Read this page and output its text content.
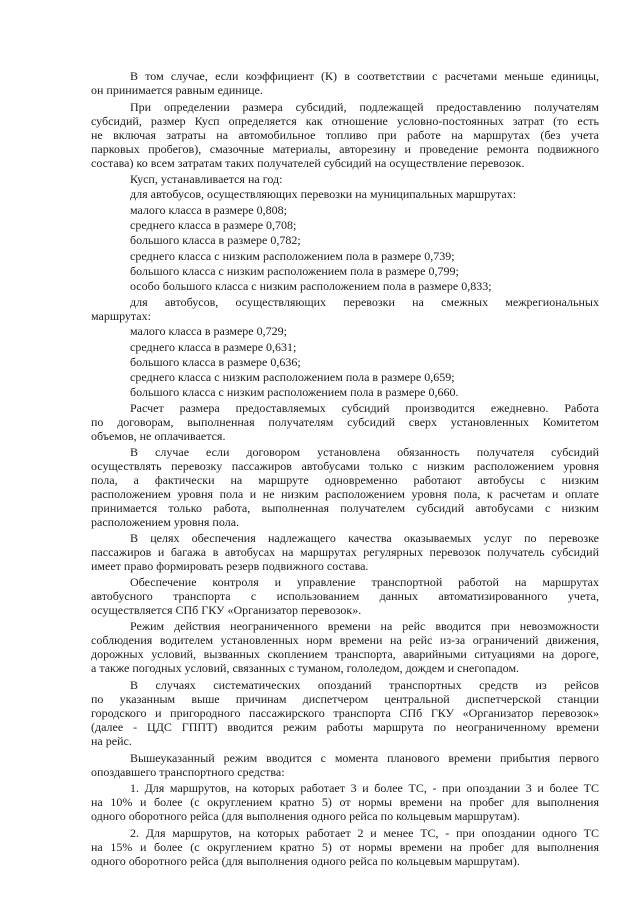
В том случае, если коэффициент (К) в соответствии с расчетами меньше единицы,
он принимается равным единице.
При определении размера субсидий, подлежащей предоставлению получателям
субсидий, размер Кусп определяется как отношение условно-постоянных затрат (то есть
не включая затраты на автомобильное топливо при работе на маршрутах (без учета
парковых пробегов), смазочные материалы, авторезину и проведение ремонта подвижного
состава) ко всем затратам таких получателей субсидий на осуществление перевозок.
Кусп, устанавливается на год:
для автобусов, осуществляющих перевозки на муниципальных маршрутах:
малого класса в размере 0,808;
среднего класса в размере 0,708;
большого класса в размере 0,782;
среднего класса с низким расположением пола в размере 0,739;
большого класса с низким расположением пола в размере 0,799;
особо большого класса с низким расположением пола в размере 0,833;
для автобусов, осуществляющих перевозки на смежных межрегиональных
маршрутах:
малого класса в размере 0,729;
среднего класса в размере 0,631;
большого класса в размере 0,636;
среднего класса с низким расположением пола в размере 0,659;
большого класса с низким расположением пола в размере 0,660.
Расчет размера предоставляемых субсидий производится ежедневно. Работа
по договорам, выполненная получателям субсидий сверх установленных Комитетом
объемов, не оплачивается.
В случае если договором установлена обязанность получателя субсидий
осуществлять перевозку пассажиров автобусами только с низким расположением уровня
пола, а фактически на маршруте одновременно работают автобусы с низким
расположением уровня пола и не низким расположением уровня пола, к расчетам и оплате
принимается только работа, выполненная получателем субсидий автобусами с низким
расположением уровня пола.
В целях обеспечения надлежащего качества оказываемых услуг по перевозке
пассажиров и багажа в автобусах на маршрутах регулярных перевозок получатель субсидий
имеет право формировать резерв подвижного состава.
Обеспечение контроля и управление транспортной работой на маршрутах
автобусного транспорта с использованием данных автоматизированного учета,
осуществляется СПб ГКУ «Организатор перевозок».
Режим действия неограниченного времени на рейс вводится при невозможности
соблюдения водителем установленных норм времени на рейс из-за ограничений движения,
дорожных условий, вызванных скоплением транспорта, аварийными ситуациями на дороге,
а также погодных условий, связанных с туманом, гололедом, дождем и снегопадом.
В случаях систематических опозданий транспортных средств из рейсов
по указанным выше причинам диспетчером центральной диспетчерской станции
городского и пригородного пассажирского транспорта СПб ГКУ «Организатор перевозок»
(далее - ЦДС ГППТ) вводится режим работы маршрута по неограниченному времени
на рейс.
Вышеуказанный режим вводится с момента планового времени прибытия первого
опоздавшего транспортного средства:
1. Для маршрутов, на которых работает 3 и более ТС, - при опоздании 3 и более ТС
на 10% и более (с округлением кратно 5) от нормы времени на пробег для выполнения
одного оборотного рейса (для выполнения одного рейса по кольцевым маршрутам).
2. Для маршрутов, на которых работает 2 и менее ТС, - при опоздании одного ТС
на 15% и более (с округлением кратно 5) от нормы времени на пробег для выполнения
одного оборотного рейса (для выполнения одного рейса по кольцевым маршрутам).
